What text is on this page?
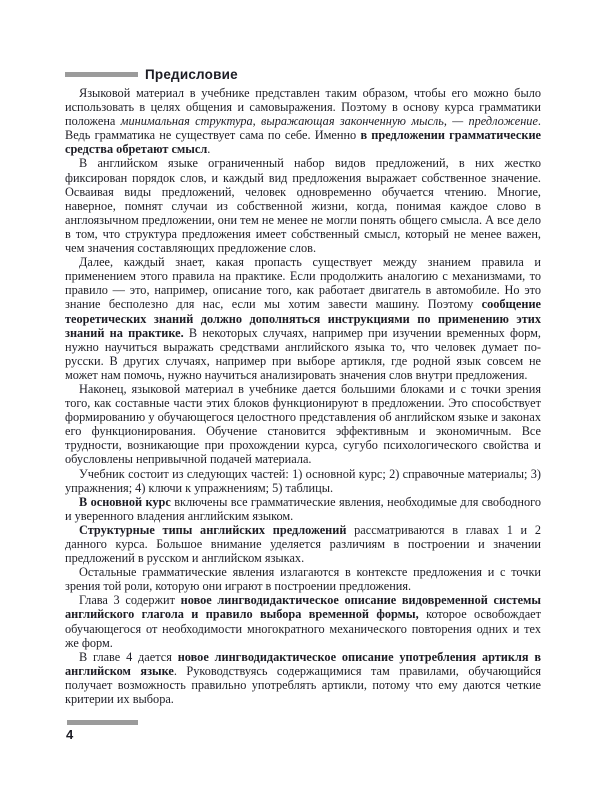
Предисловие

Языковой материал в учебнике представлен таким образом, чтобы его можно было использовать в целях общения и самовыражения. Поэтому в основу курса грамматики положена минимальная структура, выражающая законченную мысль, — предложение. Ведь грамматика не существует сама по себе. Именно в предложении грамматические средства обретают смысл.

В английском языке ограниченный набор видов предложений, в них жестко фиксирован порядок слов, и каждый вид предложения выражает собственное значение. Осваивая виды предложений, человек одновременно обучается чтению. Многие, наверное, помнят случаи из собственной жизни, когда, понимая каждое слово в англоязычном предложении, они тем не менее не могли понять общего смысла. А все дело в том, что структура предложения имеет собственный смысл, который не менее важен, чем значения составляющих предложение слов.

Далее, каждый знает, какая пропасть существует между знанием правила и применением этого правила на практике. Если продолжить аналогию с механизмами, то правило — это, например, описание того, как работает двигатель в автомобиле. Но это знание бесполезно для нас, если мы хотим завести машину. Поэтому сообщение теоретических знаний должно дополняться инструкциями по применению этих знаний на практике. В некоторых случаях, например при изучении временных форм, нужно научиться выражать средствами английского языка то, что человек думает по-русски. В других случаях, например при выборе артикля, где родной язык совсем не может нам помочь, нужно научиться анализировать значения слов внутри предложения.

Наконец, языковой материал в учебнике дается большими блоками и с точки зрения того, как составные части этих блоков функционируют в предложении. Это способствует формированию у обучающегося целостного представления об английском языке и законах его функционирования. Обучение становится эффективным и экономичным. Все трудности, возникающие при прохождении курса, сугубо психологического свойства и обусловлены непривычной подачей материала.

Учебник состоит из следующих частей: 1) основной курс; 2) справочные материалы; 3) упражнения; 4) ключи к упражнениям; 5) таблицы.

В основной курс включены все грамматические явления, необходимые для свободного и уверенного владения английским языком.

Структурные типы английских предложений рассматриваются в главах 1 и 2 данного курса. Большое внимание уделяется различиям в построении и значении предложений в русском и английском языках.

Остальные грамматические явления излагаются в контексте предложения и с точки зрения той роли, которую они играют в построении предложения.

Глава 3 содержит новое лингводидактическое описание видовременной системы английского глагола и правило выбора временной формы, которое освобождает обучающегося от необходимости многократного механического повторения одних и тех же форм.

В главе 4 дается новое лингводидактическое описание употребления артикля в английском языке. Руководствуясь содержащимися там правилами, обучающийся получает возможность правильно употреблять артикли, потому что ему даются четкие критерии их выбора.

4
